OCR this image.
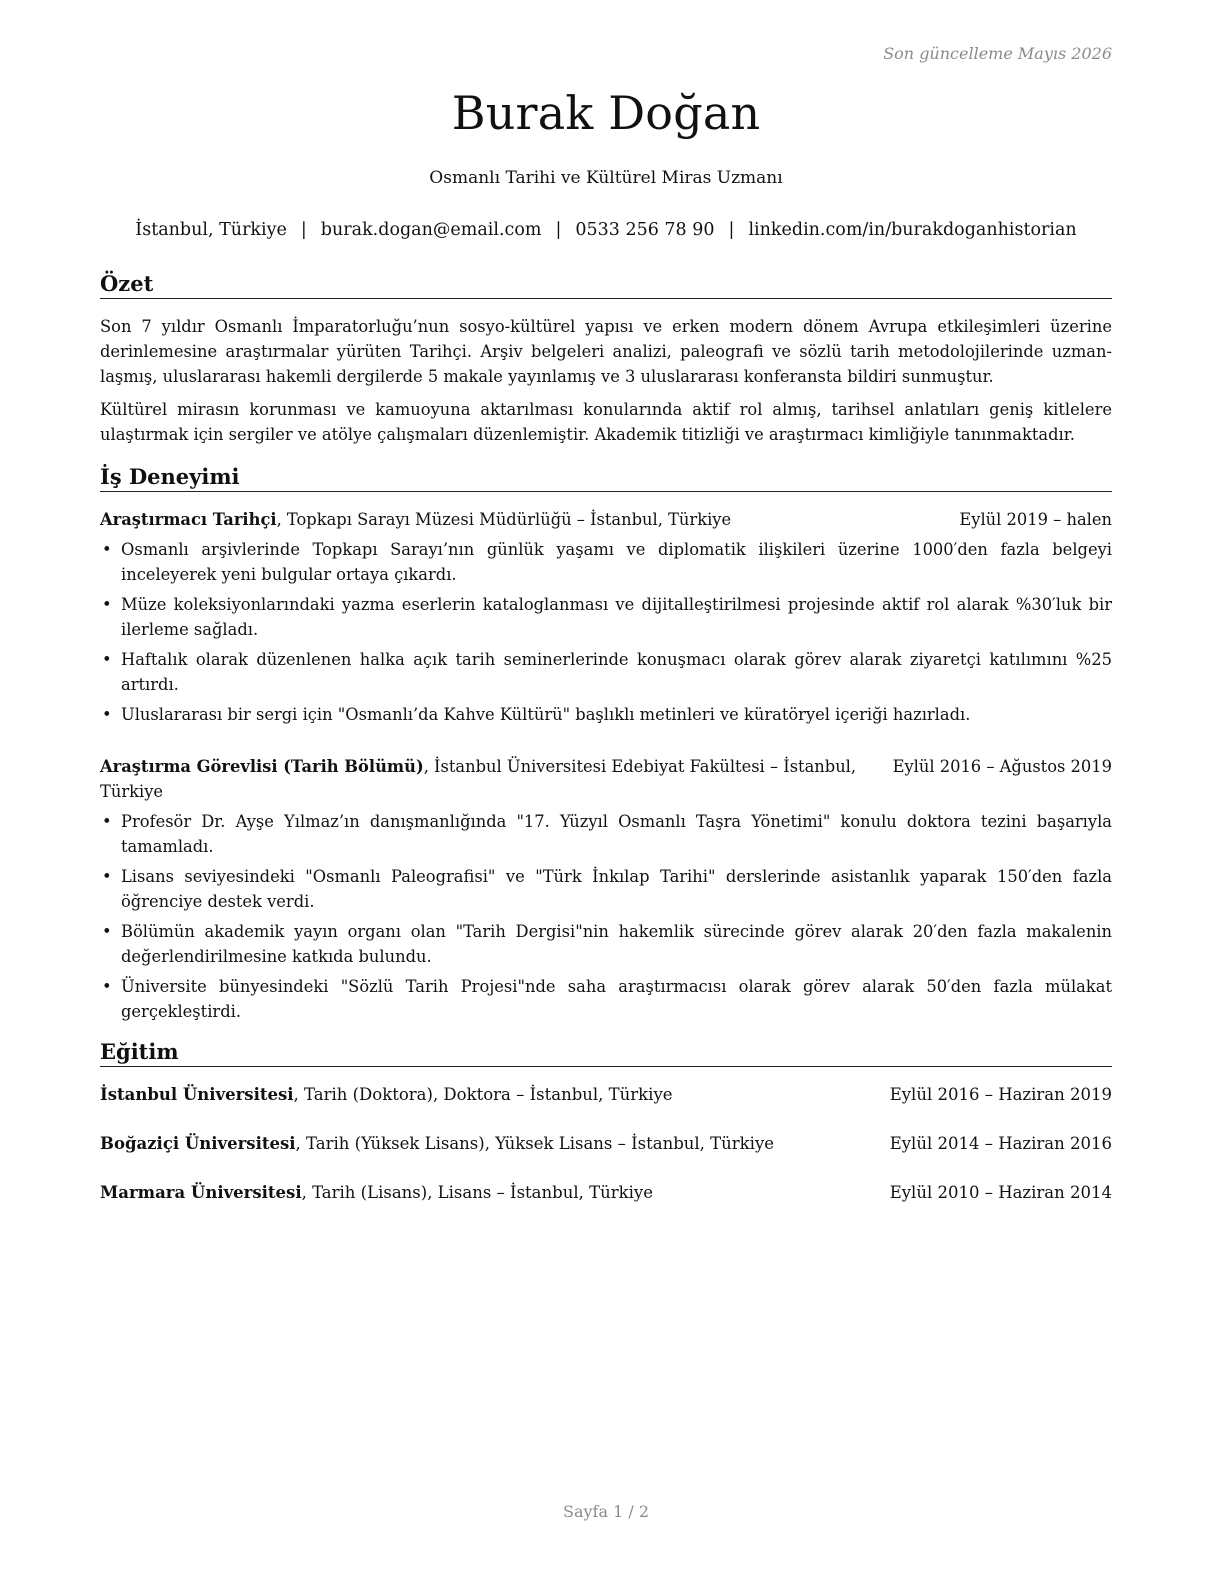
Son güncelleme Mayıs 2026
Burak Doğan
Osmanlı Tarihi ve Kültürel Miras Uzmanı
İstanbul, Türkiye | burak.dogan@email.com | 0533 256 78 90 | linkedin.com/in/burakdoganhistorian
Özet

Son 7 yıldır Osmanlı İmparatorluğu’nun sosyo-kültürel yapısı ve erken modern dönem Avrupa etkileşimleri üzerine derinlemesine araştırmalar yürüten Tarihçi. Arşiv belgeleri analizi, paleografi ve sözlü tarih metodolojilerinde uzmanlaşmış, uluslararası hakemli dergilerde 5 makale yayınlamış ve 3 uluslararası konferansta bildiri sunmuştur.

Kültürel mirasın korunması ve kamuoyuna aktarılması konularında aktif rol almış, tarihsel anlatıları geniş kitlelere ulaştırmak için sergiler ve atölye çalışmaları düzenlemiştir. Akademik titizliği ve araştırmacı kimliğiyle tanınmaktadır.

İş Deneyimi
Araştırmacı Tarihçi, Topkapı Sarayı Müzesi Müdürlüğü – İstanbul, Türkiye	Eylül 2019 – halen
• Osmanlı arşivlerinde Topkapı Sarayı’nın günlük yaşamı ve diplomatik ilişkileri üzerine 1000′den fazla belgeyi inceleyerek yeni bulgular ortaya çıkardı.
• Müze koleksiyonlarındaki yazma eserlerin kataloglanması ve dijitalleştirilmesi projesinde aktif rol alarak %30′luk bir ilerleme sağladı.
• Haftalık olarak düzenlenen halka açık tarih seminerlerinde konuşmacı olarak görev alarak ziyaretçi katılımını %25 artırdı.
• Uluslararası bir sergi için "Osmanlı’da Kahve Kültürü" başlıklı metinleri ve küratöryel içeriği hazırladı.
Araştırma Görevlisi (Tarih Bölümü), İstanbul Üniversitesi Edebiyat Fakültesi – İstanbul, Türkiye
Eylül 2016 – Ağustos 2019
• Profesör Dr. Ayşe Yılmaz’ın danışmanlığında "17. Yüzyıl Osmanlı Taşra Yönetimi" konulu doktora tezini başarıyla tamamladı.
• Lisans seviyesindeki "Osmanlı Paleografisi" ve "Türk İnkılap Tarihi" derslerinde asistanlık yaparak 150′den fazla öğrenciye destek verdi.
• Bölümün akademik yayın organı olan "Tarih Dergisi"nin hakemlik sürecinde görev alarak 20′den fazla makalenin değerlendirilmesine katkıda bulundu.
• Üniversite bünyesindeki "Sözlü Tarih Projesi"nde saha araştırmacısı olarak görev alarak 50′den fazla mülakat gerçekleştirdi.
Eğitim
İstanbul Üniversitesi, Tarih (Doktora), Doktora – İstanbul, Türkiye	Eylül 2016 – Haziran 2019
Boğaziçi Üniversitesi, Tarih (Yüksek Lisans), Yüksek Lisans – İstanbul, Türkiye	Eylül 2014 – Haziran 2016
Marmara Üniversitesi, Tarih (Lisans), Lisans – İstanbul, Türkiye	Eylül 2010 – Haziran 2014
Sayfa 1 / 2
